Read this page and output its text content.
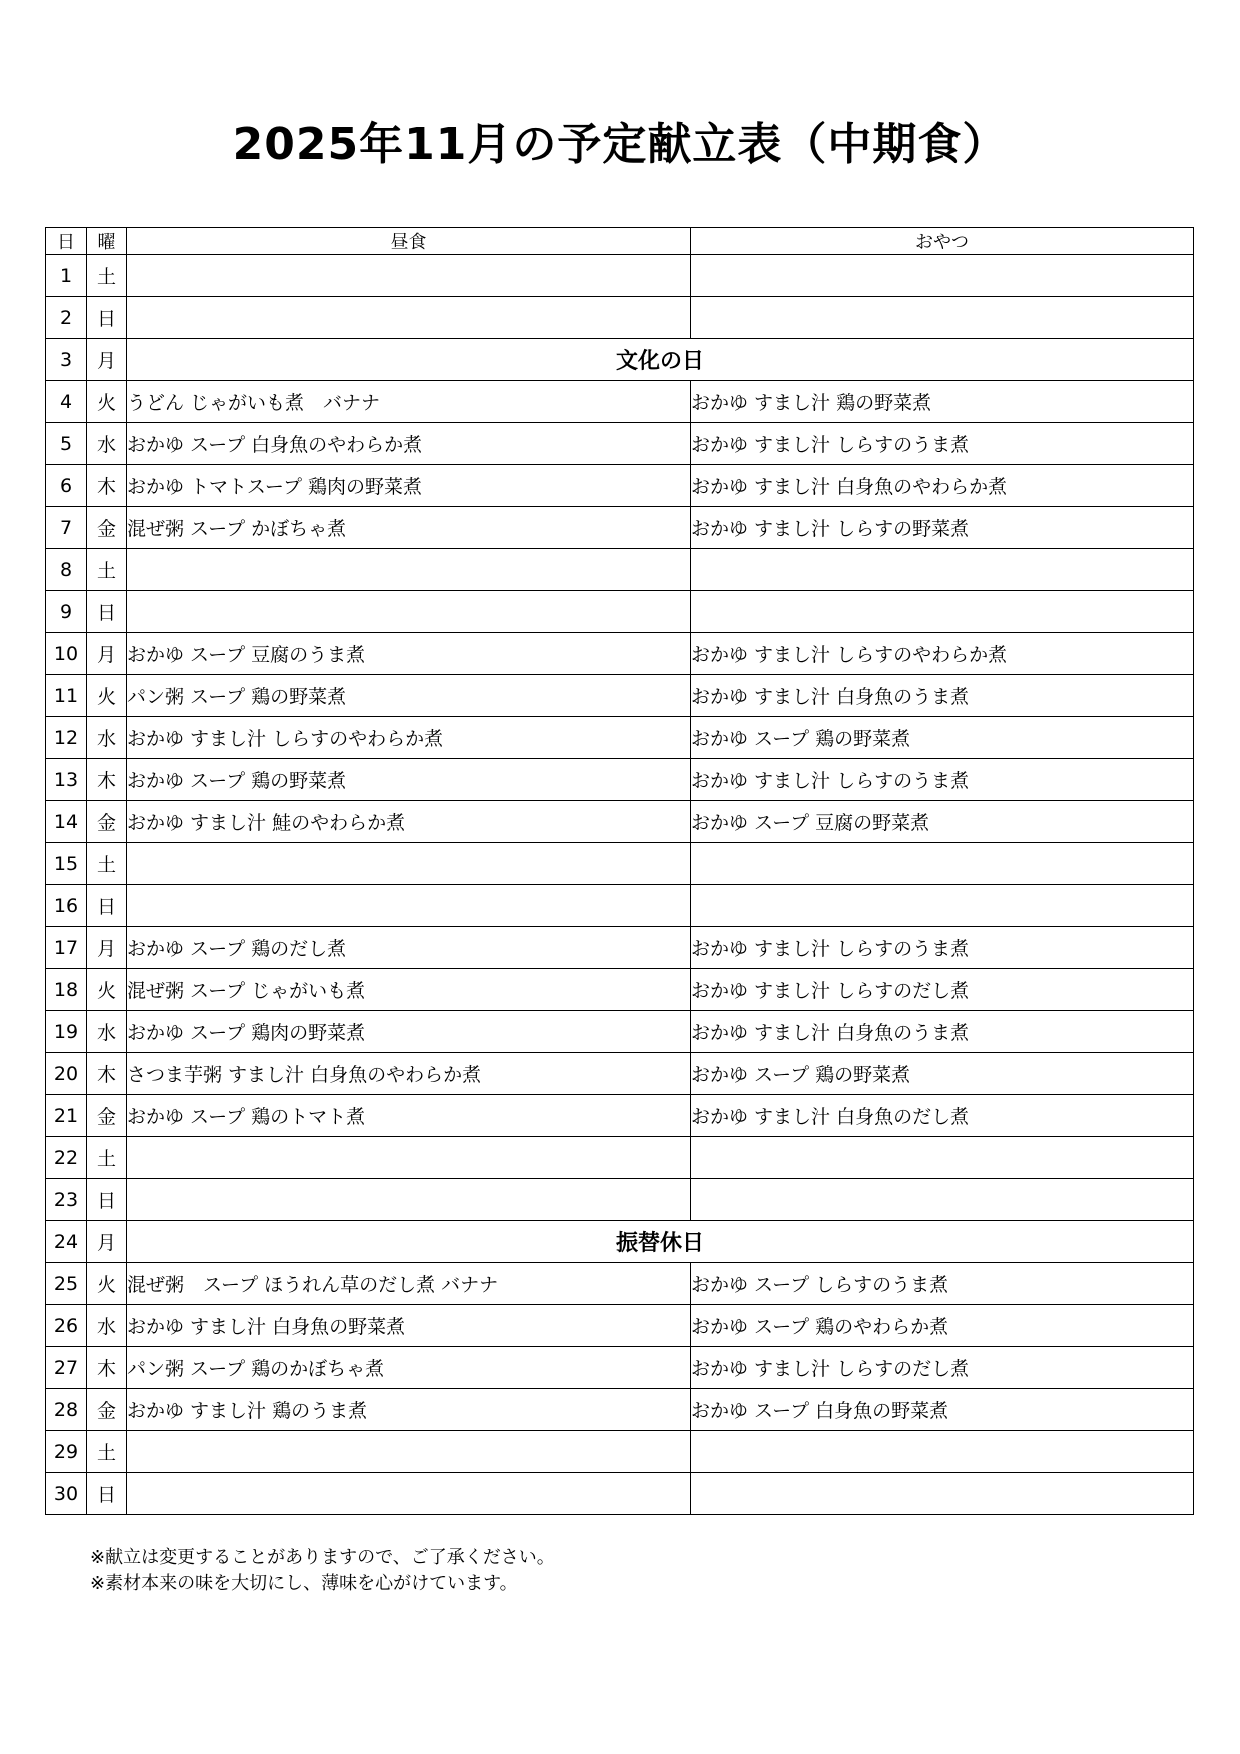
2025年11月の予定献立表（中期食）
日	曜	昼食	おやつ
1	土		
2	日		
3	月	文化の日	
4	火	うどん じゃがいも煮　バナナ	おかゆ すまし汁 鶏の野菜煮
5	水	おかゆ スープ 白身魚のやわらか煮	おかゆ すまし汁 しらすのうま煮
6	木	おかゆ トマトスープ 鶏肉の野菜煮	おかゆ すまし汁 白身魚のやわらか煮
7	金	混ぜ粥 スープ かぼちゃ煮	おかゆ すまし汁 しらすの野菜煮
8	土		
9	日		
10	月	おかゆ スープ 豆腐のうま煮	おかゆ すまし汁 しらすのやわらか煮
11	火	パン粥 スープ 鶏の野菜煮	おかゆ すまし汁 白身魚のうま煮
12	水	おかゆ すまし汁 しらすのやわらか煮	おかゆ スープ 鶏の野菜煮
13	木	おかゆ スープ 鶏の野菜煮	おかゆ すまし汁 しらすのうま煮
14	金	おかゆ すまし汁 鮭のやわらか煮	おかゆ スープ 豆腐の野菜煮
15	土		
16	日		
17	月	おかゆ スープ 鶏のだし煮	おかゆ すまし汁 しらすのうま煮
18	火	混ぜ粥 スープ じゃがいも煮	おかゆ すまし汁 しらすのだし煮
19	水	おかゆ スープ 鶏肉の野菜煮	おかゆ すまし汁 白身魚のうま煮
20	木	さつま芋粥 すまし汁 白身魚のやわらか煮	おかゆ スープ 鶏の野菜煮
21	金	おかゆ スープ 鶏のトマト煮	おかゆ すまし汁 白身魚のだし煮
22	土		
23	日		
24	月	振替休日	
25	火	混ぜ粥　スープ ほうれん草のだし煮 バナナ	おかゆ スープ しらすのうま煮
26	水	おかゆ すまし汁 白身魚の野菜煮	おかゆ スープ 鶏のやわらか煮
27	木	パン粥 スープ 鶏のかぼちゃ煮	おかゆ すまし汁 しらすのだし煮
28	金	おかゆ すまし汁 鶏のうま煮	おかゆ スープ 白身魚の野菜煮
29	土		
30	日		
※献立は変更することがありますので、ご了承ください。
※素材本来の味を大切にし、薄味を心がけています。
